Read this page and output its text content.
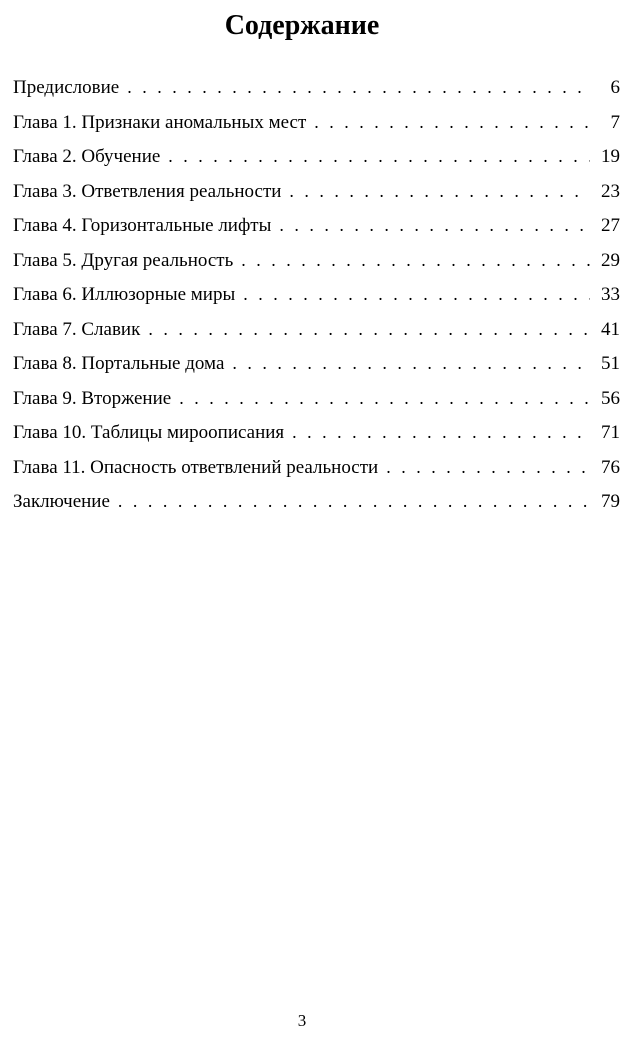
Содержание
Предисловие . . .	6
Глава 1. Признаки аномальных мест . . .	7
Глава 2. Обучение . . .	19
Глава 3. Ответвления реальности . . .	23
Глава 4. Горизонтальные лифты . . .	27
Глава 5. Другая реальность . . .	29
Глава 6. Иллюзорные миры . . .	33
Глава 7. Славик . . .	41
Глава 8. Портальные дома . . .	51
Глава 9. Вторжение . . .	56
Глава 10. Таблицы мироописания . . .	71
Глава 11. Опасность ответвлений реальности . . .	76
Заключение . . .	79
3
